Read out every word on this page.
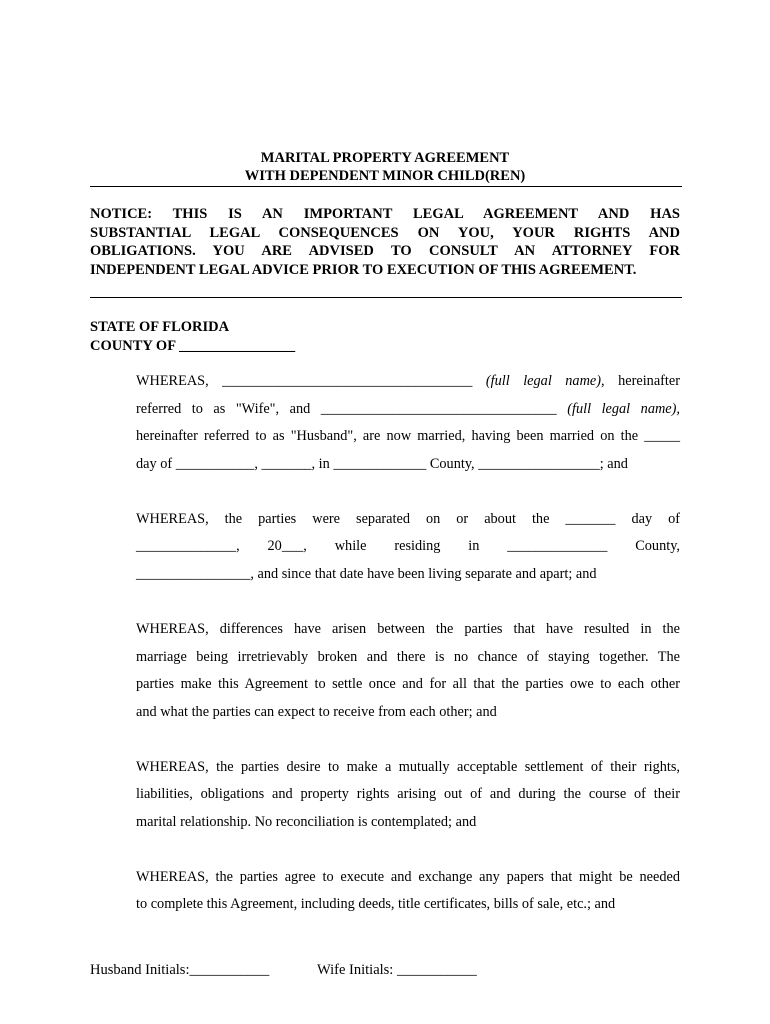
MARITAL PROPERTY AGREEMENT
WITH DEPENDENT MINOR CHILD(REN)
NOTICE: THIS IS AN IMPORTANT LEGAL AGREEMENT AND HAS
SUBSTANTIAL LEGAL CONSEQUENCES ON YOU, YOUR RIGHTS AND
OBLIGATIONS. YOU ARE ADVISED TO CONSULT AN ATTORNEY FOR
INDEPENDENT LEGAL ADVICE PRIOR TO EXECUTION OF THIS AGREEMENT.
STATE OF FLORIDA
COUNTY OF ________________
WHEREAS, ___________________________________ (full legal name), hereinafter
referred to as "Wife", and _________________________________ (full legal name),
hereinafter referred to as "Husband", are now married, having been married on the _____
day of ___________, _______, in _____________ County, _________________; and
WHEREAS, the parties were separated on or about the _______ day of
______________, 20___, while residing in ______________ County,
________________, and since that date have been living separate and apart; and
WHEREAS, differences have arisen between the parties that have resulted in the
marriage being irretrievably broken and there is no chance of staying together. The
parties make this Agreement to settle once and for all that the parties owe to each other
and what the parties can expect to receive from each other; and
WHEREAS, the parties desire to make a mutually acceptable settlement of their rights,
liabilities, obligations and property rights arising out of and during the course of their
marital relationship. No reconciliation is contemplated; and
WHEREAS, the parties agree to execute and exchange any papers that might be needed
to complete this Agreement, including deeds, title certificates, bills of sale, etc.; and
Husband Initials:___________	Wife Initials: ___________
